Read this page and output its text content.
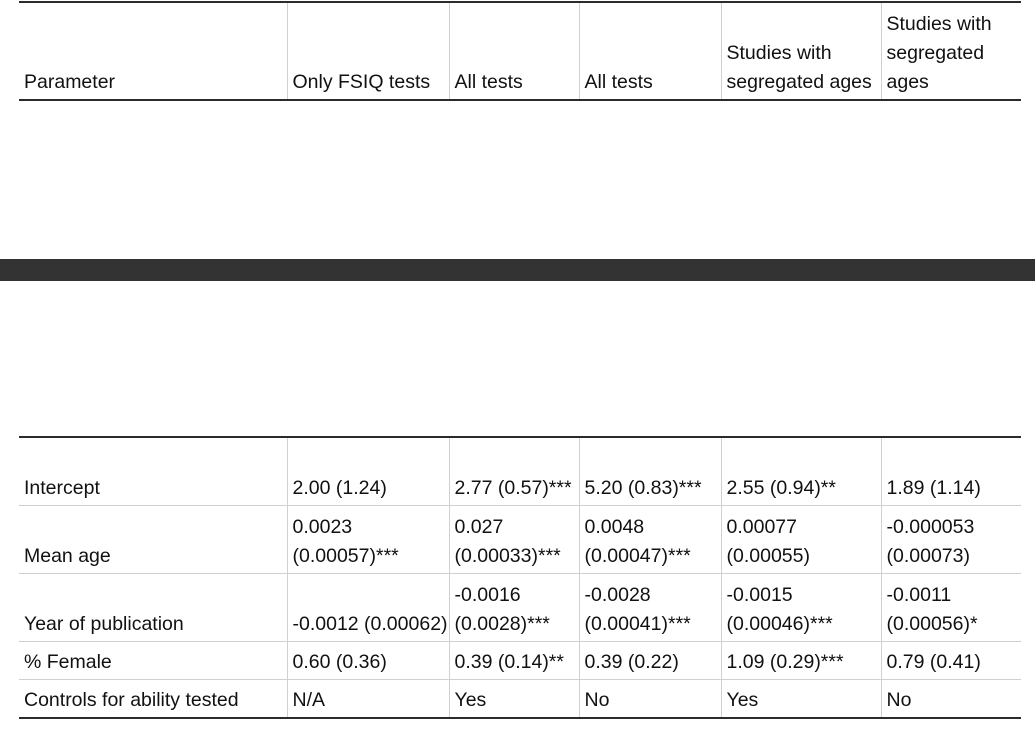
Parameter	Only FSIQ tests	All tests	All tests	Studies with segregated ages	Studies with segregated ages
Intercept	2.00 (1.24)	2.77 (0.57)***	5.20 (0.83)***	2.55 (0.94)**	1.89 (1.14)
Mean age	0.0023 (0.00057)***	0.027 (0.00033)***	0.0048 (0.00047)***	0.00077 (0.00055)	-0.000053 (0.00073)
Year of publication	-0.0012 (0.00062)	-0.0016 (0.0028)***	-0.0028 (0.00041)***	-0.0015 (0.00046)***	-0.0011 (0.00056)*
% Female	0.60 (0.36)	0.39 (0.14)**	0.39 (0.22)	1.09 (0.29)***	0.79 (0.41)
Controls for ability tested	N/A	Yes	No	Yes	No
